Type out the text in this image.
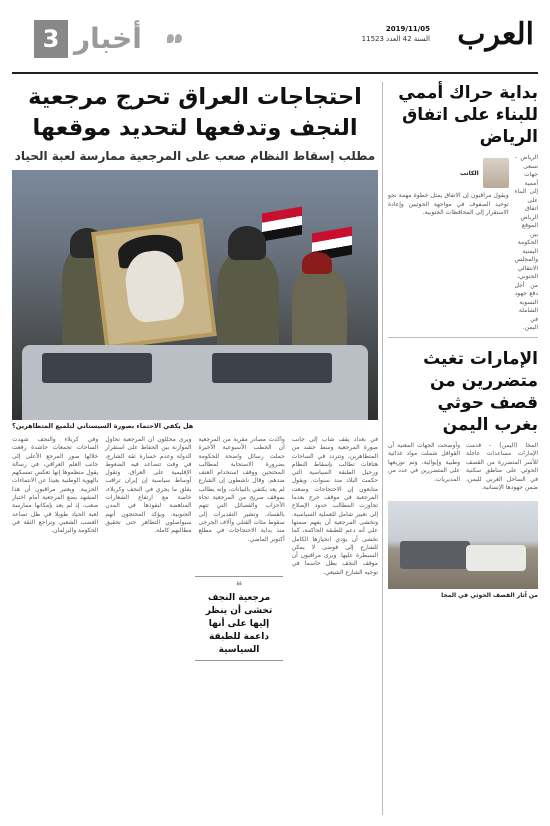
العرب
2019/11/05
السنة 42 العدد 11523
3 أخبار
احتجاجات العراق تحرج مرجعية النجف وتدفعها لتحديد موقعها
مطلب إسقاط النظام صعب على المرجعية ممارسة لعبة الحياد
هل يكفي الاحتماء بصورة السيستاني لتلميع المتظاهرين؟
في بغداد يقف شاب إلى جانب صورة المرجعية وسط حشد من المتظاهرين، وتتردد في الساحات هتافات تطالب بإسقاط النظام ورحيل الطبقة السياسية التي حكمت البلاد منذ سنوات. ويقول متابعون إن الاحتجاجات وضعت المرجعية في موقف حرج بعدما تجاوزت المطالب حدود الإصلاح إلى تغيير شامل للعملية السياسية. وتخشى المرجعية أن يفهم صمتها على أنه دعم للطبقة الحاكمة، كما تخشى أن يؤدي انحيازها الكامل للشارع إلى فوضى لا يمكن السيطرة عليها. ويرى مراقبون أن موقف النجف يظل حاسما في توجيه الشارع الشيعي.
وأكدت مصادر مقربة من المرجعية أن الخطب الأسبوعية الأخيرة حملت رسائل واضحة للحكومة بضرورة الاستجابة لمطالب المحتجين ووقف استخدام العنف ضدهم. وقال ناشطون إن الشارع لم يعد يكتفي بالبيانات، وإنه يطالب بموقف صريح من المرجعية تجاه الأحزاب والفصائل التي تتهم بالفساد. وتشير التقديرات إلى سقوط مئات القتلى وآلاف الجرحى منذ بداية الاحتجاجات في مطلع أكتوبر الماضي.
ويرى محللون أن المرجعية تحاول الموازنة بين الحفاظ على استقرار الدولة وعدم خسارة ثقة الشارع، في وقت تتصاعد فيه الضغوط الإقليمية على العراق. وتقول أوساط سياسية إن إيران تراقب بقلق ما يجري في النجف وكربلاء، خاصة مع ارتفاع الشعارات المناهضة لنفوذها في المدن الجنوبية. ويؤكد المحتجون أنهم سيواصلون التظاهر حتى تحقيق مطالبهم كاملة.
وفي كربلاء والنجف شهدت الساحات تجمعات حاشدة رفعت خلالها صور المرجع الأعلى إلى جانب العلم العراقي، في رسالة يقول منظموها إنها تعكس تمسكهم بالهوية الوطنية بعيدا عن الانتماءات الحزبية. ويعتبر مراقبون أن هذا المشهد يضع المرجعية أمام اختبار صعب، إذ لم يعد بإمكانها ممارسة لعبة الحياد طويلا في ظل تصاعد الغضب الشعبي وتراجع الثقة في الحكومة والبرلمان.
❝
مرجعية النجف تخشى أن ينظر إليها على أنها داعمة للطبقة السياسية
بداية حراك أممي للبناء على اتفاق الرياض
الرياض - تسعى جهات أممية إلى البناء على اتفاق الرياض الموقع بين الحكومة اليمنية والمجلس الانتقالي الجنوبي، من أجل دفع جهود التسوية الشاملة في اليمن.
الكاتب
ويقول مراقبون إن الاتفاق يمثل خطوة مهمة نحو توحيد الصفوف في مواجهة الحوثيين وإعادة الاستقرار إلى المحافظات الجنوبية.
الإمارات تغيث متضررين من قصف حوثي بغرب اليمن
المخا (اليمن) - قدمت الإمارات مساعدات عاجلة للأسر المتضررة من القصف الحوثي على مناطق سكنية في الساحل الغربي لليمن، ضمن جهودها الإنسانية.
وأوضحت الجهات المعنية أن القوافل شملت مواد غذائية وطبية وإيوائية، وتم توزيعها على المتضررين في عدد من المديريات.
من آثار القصف الحوثي في المخا
